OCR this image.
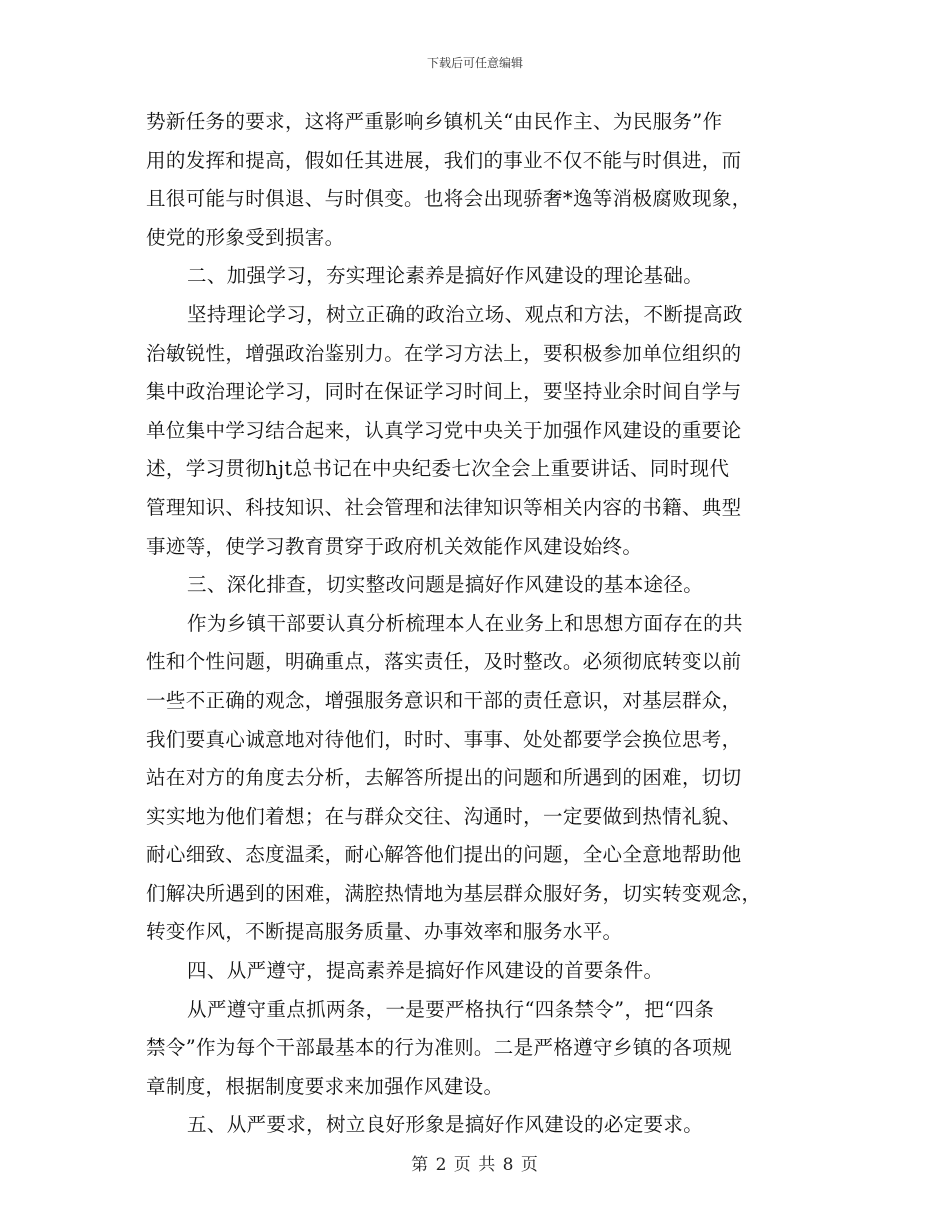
下载后可任意编辑
势新任务的要求，这将严重影响乡镇机关“由民作主、为民服务”作
用的发挥和提高，假如任其进展，我们的事业不仅不能与时俱进，而
且很可能与时俱退、与时俱变。也将会出现骄奢*逸等消极腐败现象，
使党的形象受到损害。
二、加强学习，夯实理论素养是搞好作风建设的理论基础。
坚持理论学习，树立正确的政治立场、观点和方法，不断提高政
治敏锐性，增强政治鉴别力。在学习方法上，要积极参加单位组织的
集中政治理论学习，同时在保证学习时间上，要坚持业余时间自学与
单位集中学习结合起来，认真学习党中央关于加强作风建设的重要论
述，学习贯彻hjt总书记在中央纪委七次全会上重要讲话、同时现代
管理知识、科技知识、社会管理和法律知识等相关内容的书籍、典型
事迹等，使学习教育贯穿于政府机关效能作风建设始终。
三、深化排查，切实整改问题是搞好作风建设的基本途径。
作为乡镇干部要认真分析梳理本人在业务上和思想方面存在的共
性和个性问题，明确重点，落实责任，及时整改。必须彻底转变以前
一些不正确的观念，增强服务意识和干部的责任意识，对基层群众，
我们要真心诚意地对待他们，时时、事事、处处都要学会换位思考，
站在对方的角度去分析，去解答所提出的问题和所遇到的困难，切切
实实地为他们着想；在与群众交往、沟通时，一定要做到热情礼貌、
耐心细致、态度温柔，耐心解答他们提出的问题，全心全意地帮助他
们解决所遇到的困难，满腔热情地为基层群众服好务，切实转变观念，
转变作风，不断提高服务质量、办事效率和服务水平。
四、从严遵守，提高素养是搞好作风建设的首要条件。
从严遵守重点抓两条，一是要严格执行“四条禁令”，把“四条
禁令”作为每个干部最基本的行为准则。二是严格遵守乡镇的各项规
章制度，根据制度要求来加强作风建设。
五、从严要求，树立良好形象是搞好作风建设的必定要求。
第 2 页 共 8 页
